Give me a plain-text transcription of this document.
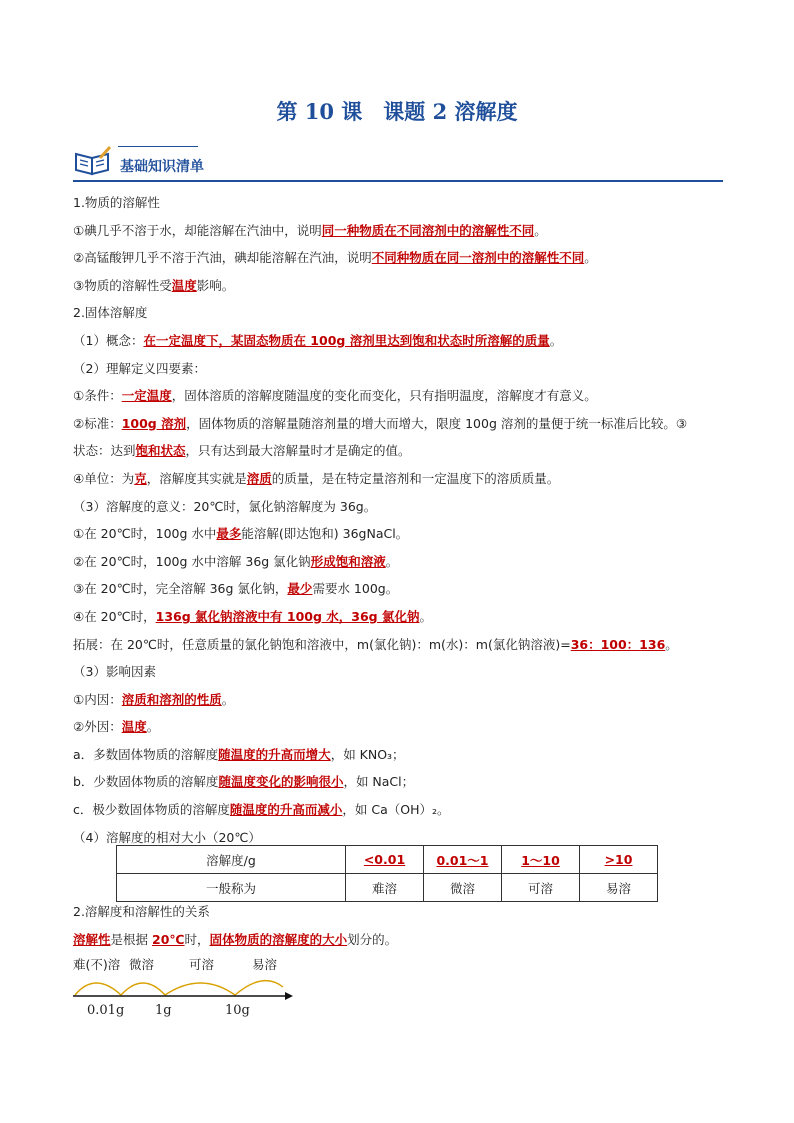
第 10 课　课题 2 溶解度
基础知识清单
1.物质的溶解性
①碘几乎不溶于水，却能溶解在汽油中，说明同一种物质在不同溶剂中的溶解性不同。
②高锰酸钾几乎不溶于汽油，碘却能溶解在汽油，说明不同种物质在同一溶剂中的溶解性不同。
③物质的溶解性受温度影响。
2.固体溶解度
（1）概念：在一定温度下，某固态物质在 100g 溶剂里达到饱和状态时所溶解的质量。
（2）理解定义四要素：
①条件：一定温度，固体溶质的溶解度随温度的变化而变化，只有指明温度，溶解度才有意义。
②标准：100g 溶剂，固体物质的溶解量随溶剂量的增大而增大，限度 100g 溶剂的量便于统一标准后比较。③
状态：达到饱和状态，只有达到最大溶解量时才是确定的值。
④单位：为克，溶解度其实就是溶质的质量，是在特定量溶剂和一定温度下的溶质质量。
（3）溶解度的意义：20℃时，氯化钠溶解度为 36g。
①在 20℃时，100g 水中最多能溶解(即达饱和) 36gNaCl。
②在 20℃时，100g 水中溶解 36g 氯化钠形成饱和溶液。
③在 20℃时，完全溶解 36g 氯化钠，最少需要水 100g。
④在 20℃时，136g 氯化钠溶液中有 100g 水，36g 氯化钠。
拓展：在 20℃时，任意质量的氯化钠饱和溶液中，m(氯化钠)：m(水)：m(氯化钠溶液)=36：100：136。
（3）影响因素
①内因：溶质和溶剂的性质。
②外因：温度。
a．多数固体物质的溶解度随温度的升高而增大，如 KNO₃；
b．少数固体物质的溶解度随温度变化的影响很小，如 NaCl；
c．极少数固体物质的溶解度随温度的升高而减小，如 Ca（OH）₂。
（4）溶解度的相对大小（20℃）
溶解度/g	<0.01	0.01～1	1～10	>10
一般称为	难溶	微溶	可溶	易溶
2.溶解度和溶解性的关系
溶解性是根据 20℃时，固体物质的溶解度的大小划分的。
难(不)溶 微溶	可溶	易溶
0.01g 1g	10g
